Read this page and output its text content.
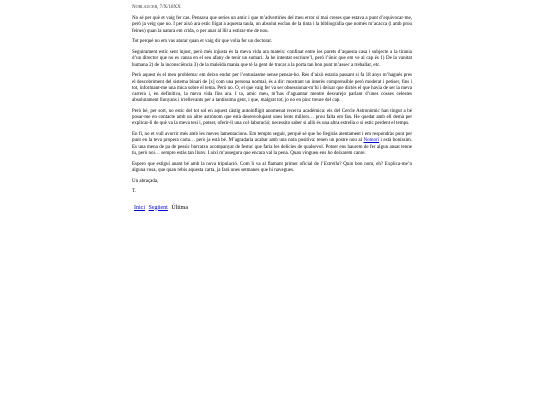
Norlaucer, 7/X/18XX

No sé per què et vaig fer cas. Pensava que series un amic i que m’advertiries del meu error si mai creses que estava a punt d’equivocar-me, però ja veig que no. I per això ara estic lligat a aquesta taula, un absolut esclau de la tinta i la bibliografia que només m’acacca (i amb prou feines) quan la natura em crida, o per anar al llit a estirar-me de nou.

Tot perquè no em vas aturar quan et vaig dir que volia fer un doctorat.

Seguirament estic sent injust, però més injusta és la meva vida ara mateix: confinat entre les parets d’aquesta casa i subjecte a la tirania d’un director que no es cansa en el seu afany de tenir un sumari. Ja he intentat escriure’l, però l’únic que em ve al cap és 1) De la vanitat humana 2) de la inconsciència 3) de la maleïda mania que té la gent de trucar a la porta tan bon punt m’assec a treballar, etc.

Però aquest és el meu problema: em deixo endur per l’entusiasme sense pensar-ho. Res d’això estaria passant si fa 18 anys m’hagués pres el descobriment del sistema binari de [x] com una persona normal, és a dir: mostrant un interès comprensible però moderat i petiser, fins i tot, informant-me una mica sobre el tema. Però no. O, el que vaig fer va ser obsessionar-m’hi i deixar que dictés el que havia de ser la meva carrera i, en definitiva, la meva vida fins ara. I ta, amic meu, m’has d’aguantar mentre desvarejo parlant d’unes cosses celestes absolutament llunyans i irrellevants per a tantíssima gent, i que, malgrat tot, jo no en pinc treure del cap.

Però bé, per sort, no estic del tot sol en aquest càstig autoinfligit anomenat recerca acadèmica: els del Cercle Astronòmic han tingut a bé posar-me en contacte amb un altre astrònom que està desenvolupant unes lents millors… prou falta em fan. He quedat amb ell demà per explicar-li de què va la meva tesi i, potser, oferir-li una col·laboració; necessito saber si allò és una altra estrella o si estic perdent el temps.

En fi, no et vull avorrir més amb les meves lamentacions. Em tempto seguir, perquè sé que ho llegiràs atentament i em respondràs punt per punt en la teva propera carta… però ja està bé. M’agradaria acabar amb una nota positiva: tenen un postre nou al Nomori i està boníssim. Es una mena de pa de pessic borratxo acompanyat de festuc que faria les delícies de qualsevol. Potser ens haurem de fer algun ansat tenne tu, però noi… sempre estàs tan llunv. I així m’assegura que encara val la pena. Quan vingueu ens ho deixarem canre.

Espero que estiguí anant bé amb la nova tripulació. Com li va al flamant primer oficial de l’Estrella? Quin bon nom, eh? Explica-me’n alguna cosa, que quan rebis aquesta carta, ja farà unes setmanes que hi navegues.

Un abraçada,

T.

Inici Següent Última
